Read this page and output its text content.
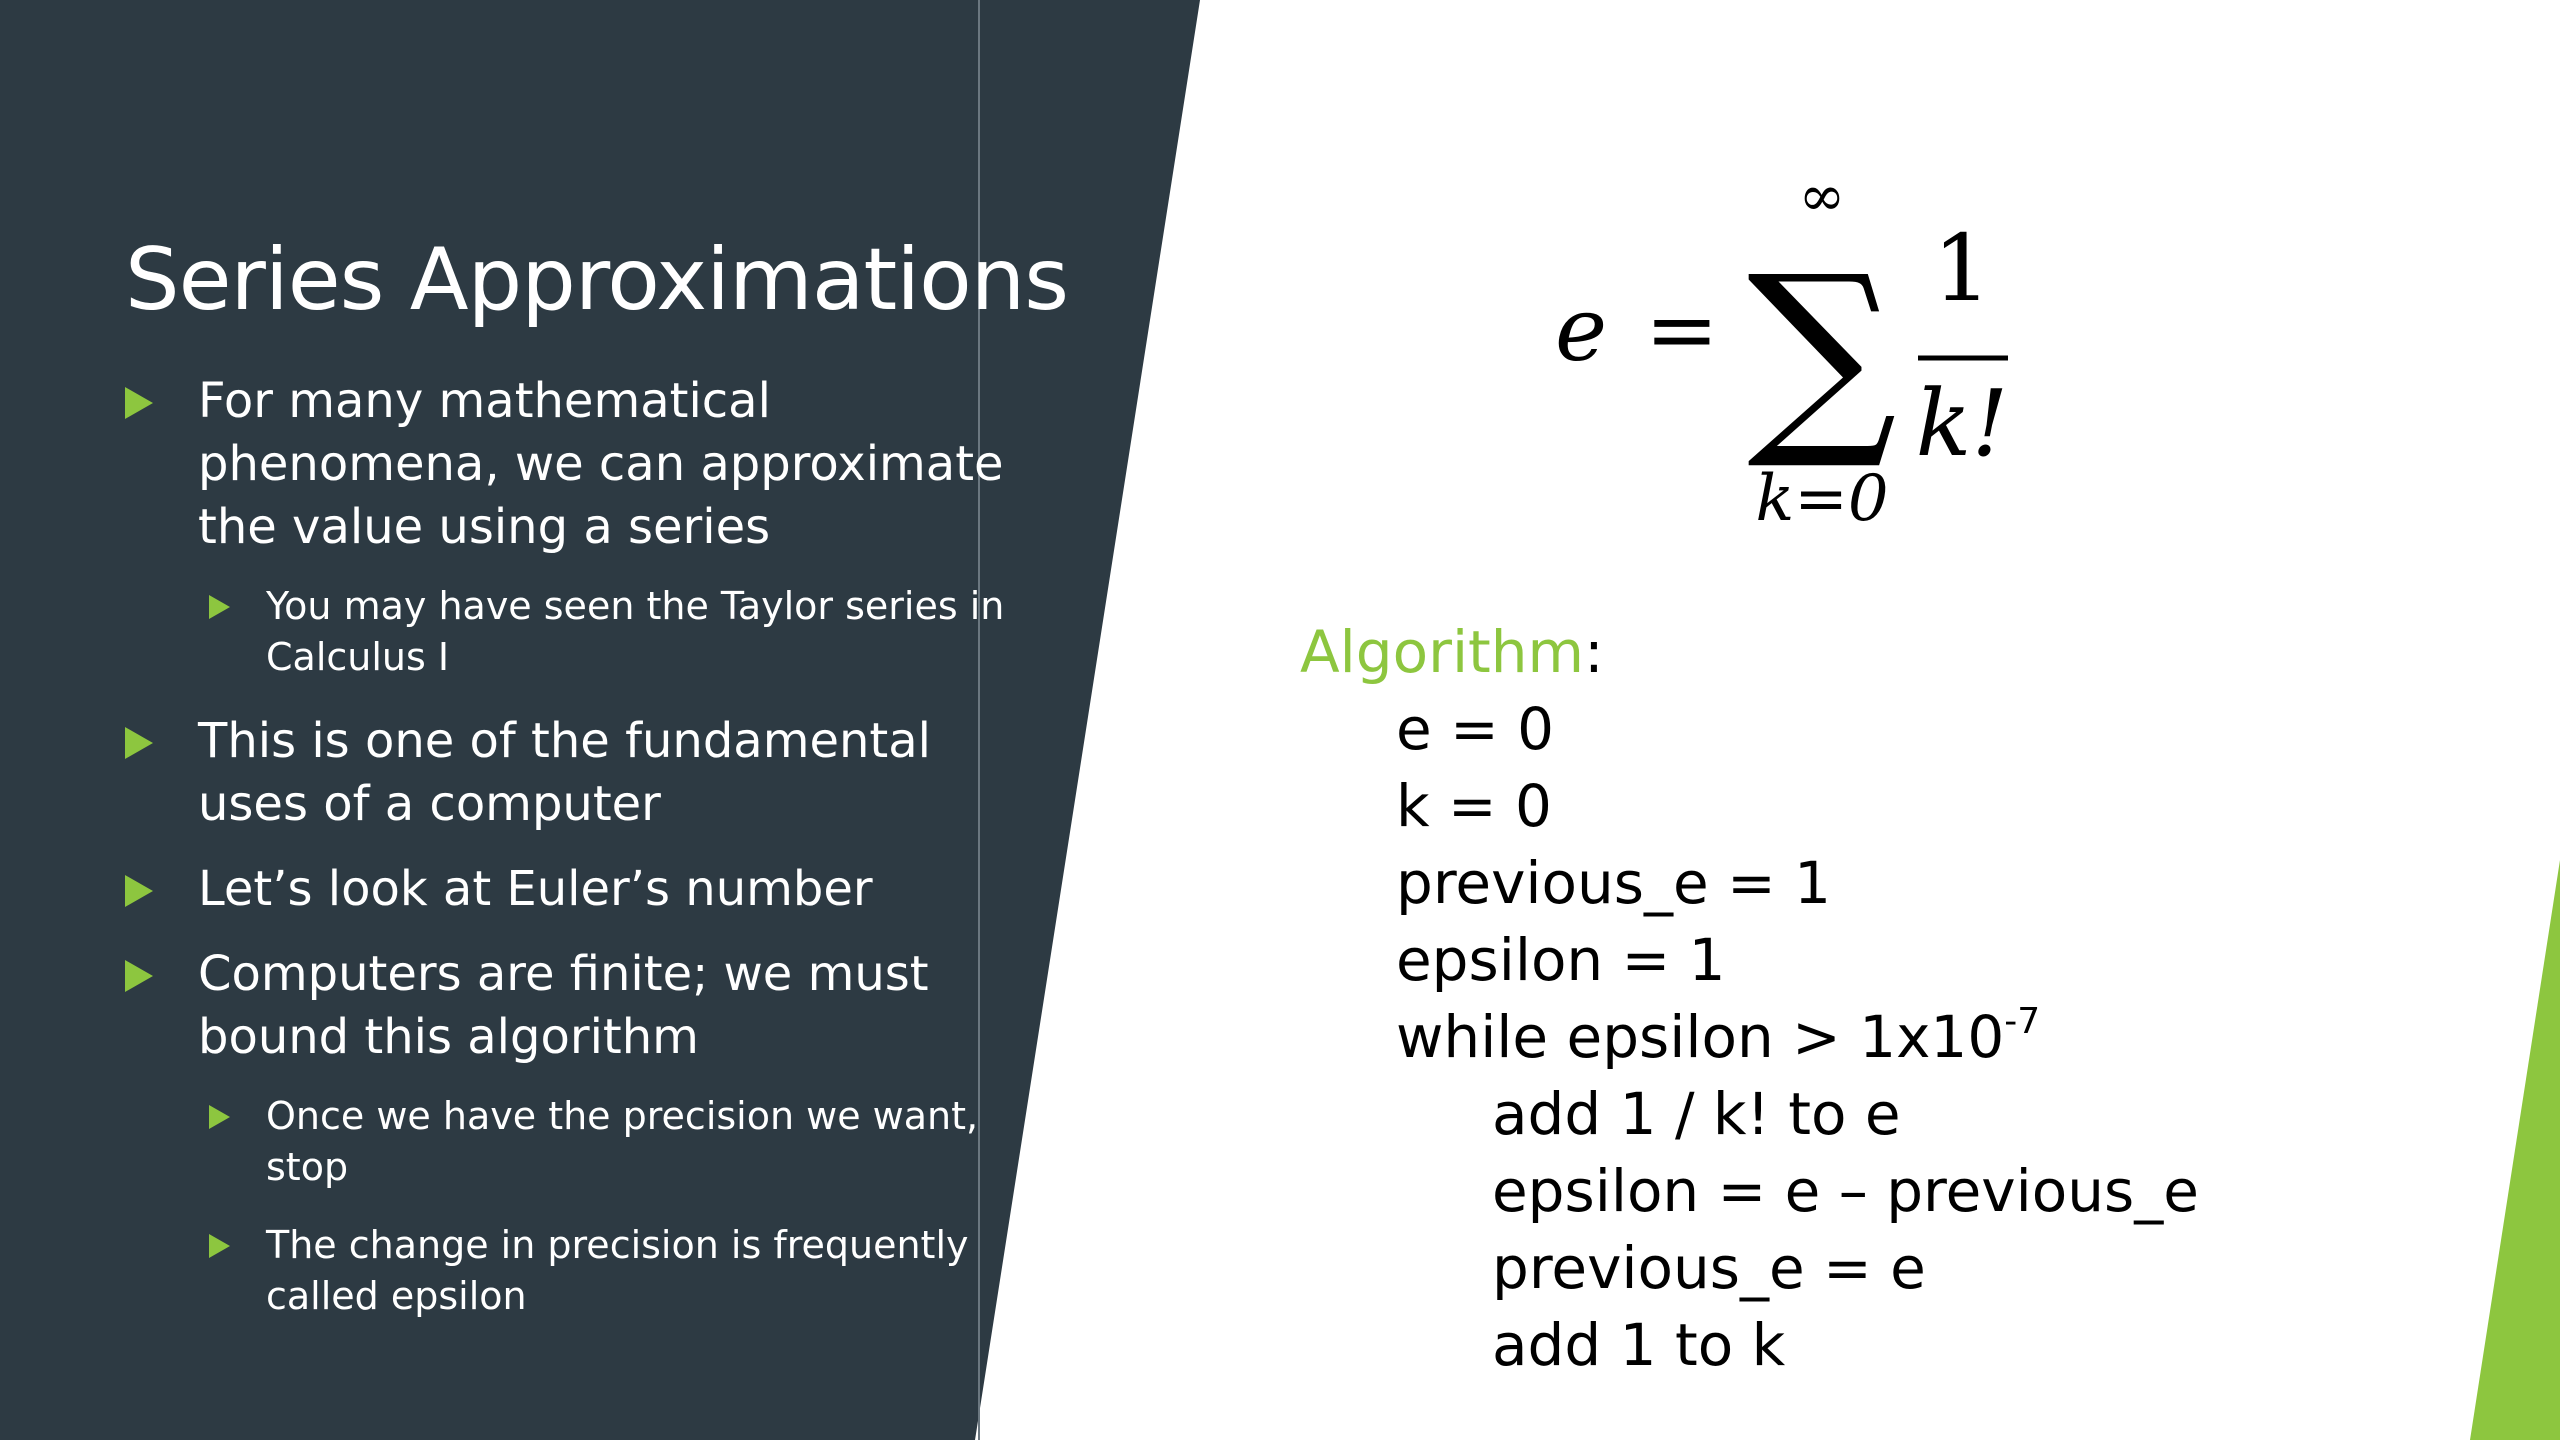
Series Approximations
For many mathematical phenomena, we can approximate the value using a series
You may have seen the Taylor series in Calculus I
This is one of the fundamental uses of a computer
Let’s look at Euler’s number
Computers are finite; we must bound this algorithm
Once we have the precision we want, stop
The change in precision is frequently called epsilon
e =
∞
∑
k=0
1
k!
Algorithm:
e = 0
k = 0
previous_e = 1
epsilon = 1
while epsilon > $1x10^{-7}$
add 1 / k! to e
epsilon = e – previous_e
previous_e = e
add 1 to k
